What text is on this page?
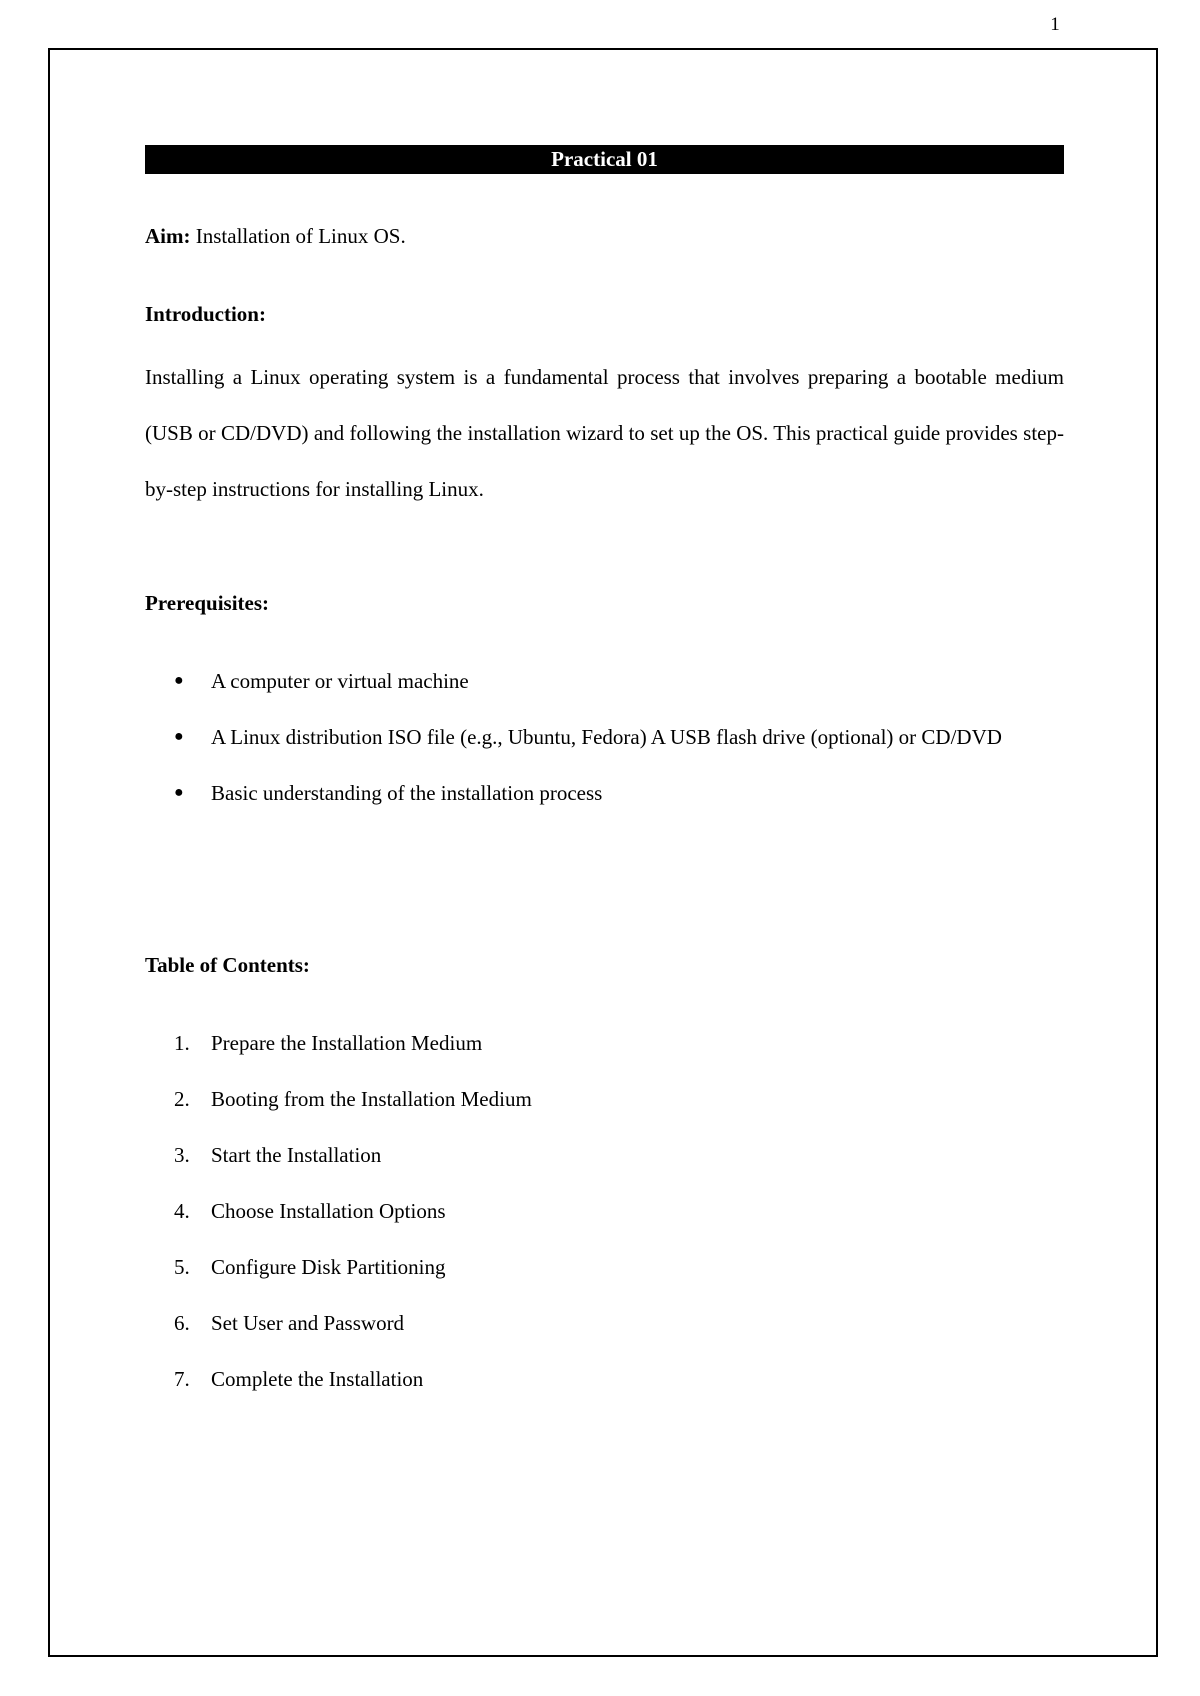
1
Practical 01
Aim: Installation of Linux OS.
Introduction:
Installing a Linux operating system is a fundamental process that involves preparing a bootable medium (USB or CD/DVD) and following the installation wizard to set up the OS. This practical guide provides step-by-step instructions for installing Linux.
Prerequisites:
● A computer or virtual machine
● A Linux distribution ISO file (e.g., Ubuntu, Fedora) A USB flash drive (optional) or CD/DVD
● Basic understanding of the installation process
Table of Contents:
1. Prepare the Installation Medium
2. Booting from the Installation Medium
3. Start the Installation
4. Choose Installation Options
5. Configure Disk Partitioning
6. Set User and Password
7. Complete the Installation
